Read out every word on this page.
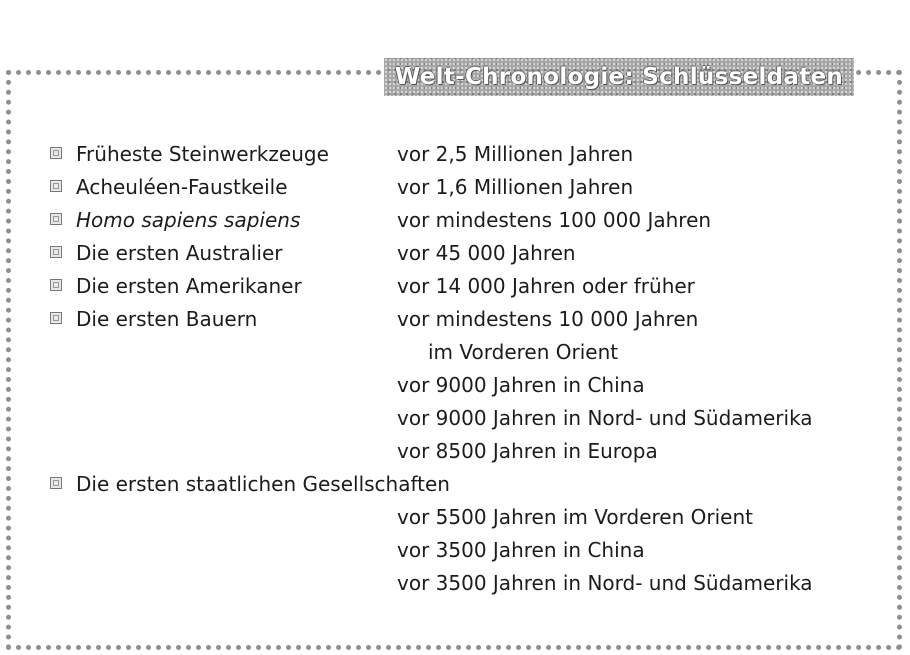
Welt-Chronologie: Schlüsseldaten
Früheste Steinwerkzeuge	vor 2,5 Millionen Jahren
Acheuléen-Faustkeile	vor 1,6 Millionen Jahren
Homo sapiens sapiens	vor mindestens 100 000 Jahren
Die ersten Australier	vor 45 000 Jahren
Die ersten Amerikaner	vor 14 000 Jahren oder früher
Die ersten Bauern	vor mindestens 10 000 Jahren
im Vorderen Orient
vor 9000 Jahren in China
vor 9000 Jahren in Nord- und Südamerika
vor 8500 Jahren in Europa
Die ersten staatlichen Gesellschaften
vor 5500 Jahren im Vorderen Orient
vor 3500 Jahren in China
vor 3500 Jahren in Nord- und Südamerika
